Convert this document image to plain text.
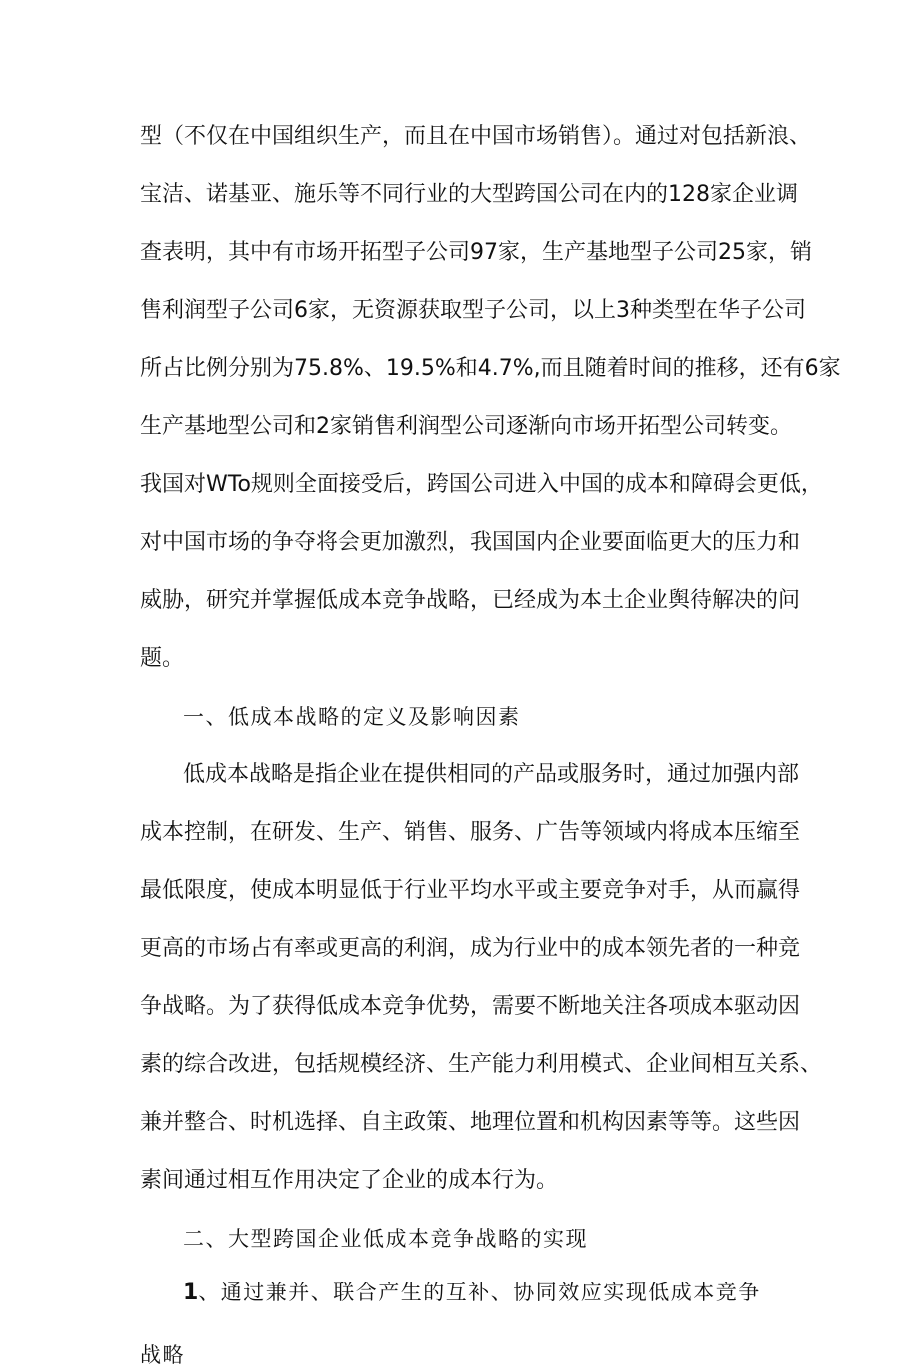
型（不仅在中国组织生产，而且在中国市场销售）。通过对包括新浪、
宝洁、诺基亚、施乐等不同行业的大型跨国公司在内的128家企业调
查表明，其中有市场开拓型子公司97家，生产基地型子公司25家，销
售利润型子公司6家，无资源获取型子公司，以上3种类型在华子公司
所占比例分别为75.8%、19.5%和4.7%,而且随着时间的推移，还有6家
生产基地型公司和2家销售利润型公司逐渐向市场开拓型公司转变。
我国对WTo规则全面接受后，跨国公司进入中国的成本和障碍会更低，
对中国市场的争夺将会更加激烈，我国国内企业要面临更大的压力和
威胁，研究并掌握低成本竞争战略，已经成为本土企业舆待解决的问
题。
一、低成本战略的定义及影响因素
低成本战略是指企业在提供相同的产品或服务时，通过加强内部
成本控制，在研发、生产、销售、服务、广告等领域内将成本压缩至
最低限度，使成本明显低于行业平均水平或主要竞争对手，从而赢得
更高的市场占有率或更高的利润，成为行业中的成本领先者的一种竞
争战略。为了获得低成本竞争优势，需要不断地关注各项成本驱动因
素的综合改进，包括规模经济、生产能力利用模式、企业间相互关系、
兼并整合、时机选择、自主政策、地理位置和机构因素等等。这些因
素间通过相互作用决定了企业的成本行为。
二、大型跨国企业低成本竞争战略的实现
1、通过兼并、联合产生的互补、协同效应实现低成本竞争
战略
